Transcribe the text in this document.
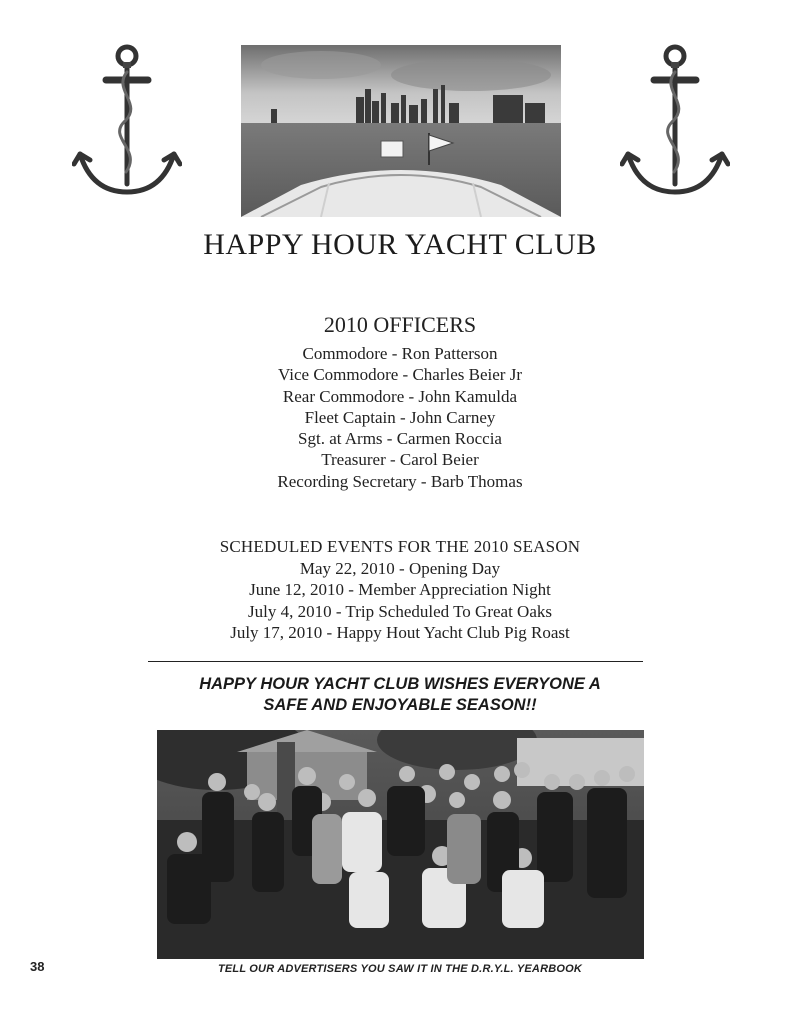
HAPPY HOUR YACHT CLUB
2010 OFFICERS
Commodore - Ron Patterson
Vice Commodore - Charles Beier Jr
Rear Commodore - John Kamulda
Fleet Captain - John Carney
Sgt. at Arms - Carmen Roccia
Treasurer - Carol Beier
Recording Secretary - Barb Thomas
SCHEDULED EVENTS FOR THE 2010 SEASON
May 22, 2010 - Opening Day
June 12, 2010 - Member Appreciation Night
July 4, 2010 - Trip Scheduled To Great Oaks
July 17, 2010 - Happy Hout Yacht Club Pig Roast
HAPPY HOUR YACHT CLUB WISHES EVERYONE A
SAFE AND ENJOYABLE SEASON!!
38	TELL OUR ADVERTISERS YOU SAW IT IN THE D.R.Y.L. YEARBOOK
